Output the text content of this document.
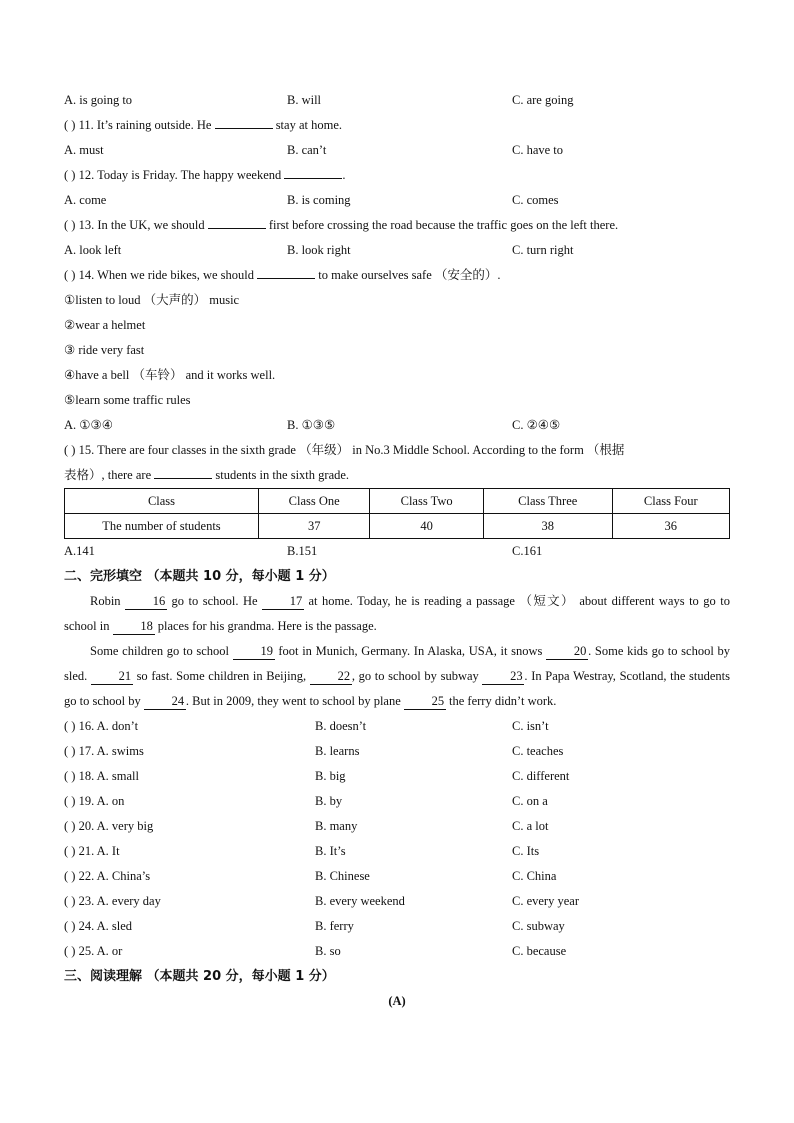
A. is going to	B. will	C. are going
( ) 11. It’s raining outside. He	stay at home.
A. must	B. can’t	C. have to
( ) 12. Today is Friday. The happy weekend	.
A. come	B. is coming	C. comes
( ) 13. In the UK, we should	first before crossing the road because the traffic goes on the left there.
A. look left	B. look right	C. turn right
( ) 14. When we ride bikes, we should	to make ourselves safe （安全的）.
①listen to loud （大声的） music
②wear a helmet
③ ride very fast
④have a bell （车铃） and it works well.
⑤learn some traffic rules
A. ①③④	B. ①③⑤	C. ②④⑤
( ) 15. There are four classes in the sixth grade （年级） in No.3 Middle School. According to the form （根据
表格）, there are	students in the sixth grade.
Class	Class One	Class Two	Class Three	Class Four
The number of students	37	40	38	36
A.141	B.151	C.161
二、完形填空 （本题共 10 分，每小题 1 分）
Robin 16 go to school. He 17 at home. Today, he is reading a passage （短文） about different ways to go to school in 18 places for his grandma. Here is the passage.
Some children go to school 19 foot in Munich, Germany. In Alaska, USA, it snows 20 . Some kids go to school by sled. 21 so fast. Some children in Beijing, 22 , go to school by subway 23 . In Papa Westray, Scotland, the students go to school by 24 . But in 2009, they went to school by plane 25 the ferry didn’t work.
( ) 16. A. don’t	B. doesn’t	C. isn’t
( ) 17. A. swims	B. learns	C. teaches
( ) 18. A. small	B. big	C. different
( ) 19. A. on	B. by	C. on a
( ) 20. A. very big	B. many	C. a lot
( ) 21. A. It	B. It’s	C. Its
( ) 22. A. China’s	B. Chinese	C. China
( ) 23. A. every day	B. every weekend	C. every year
( ) 24. A. sled	B. ferry	C. subway
( ) 25. A. or	B. so	C. because
三、阅读理解 （本题共 20 分，每小题 1 分）
(A)
